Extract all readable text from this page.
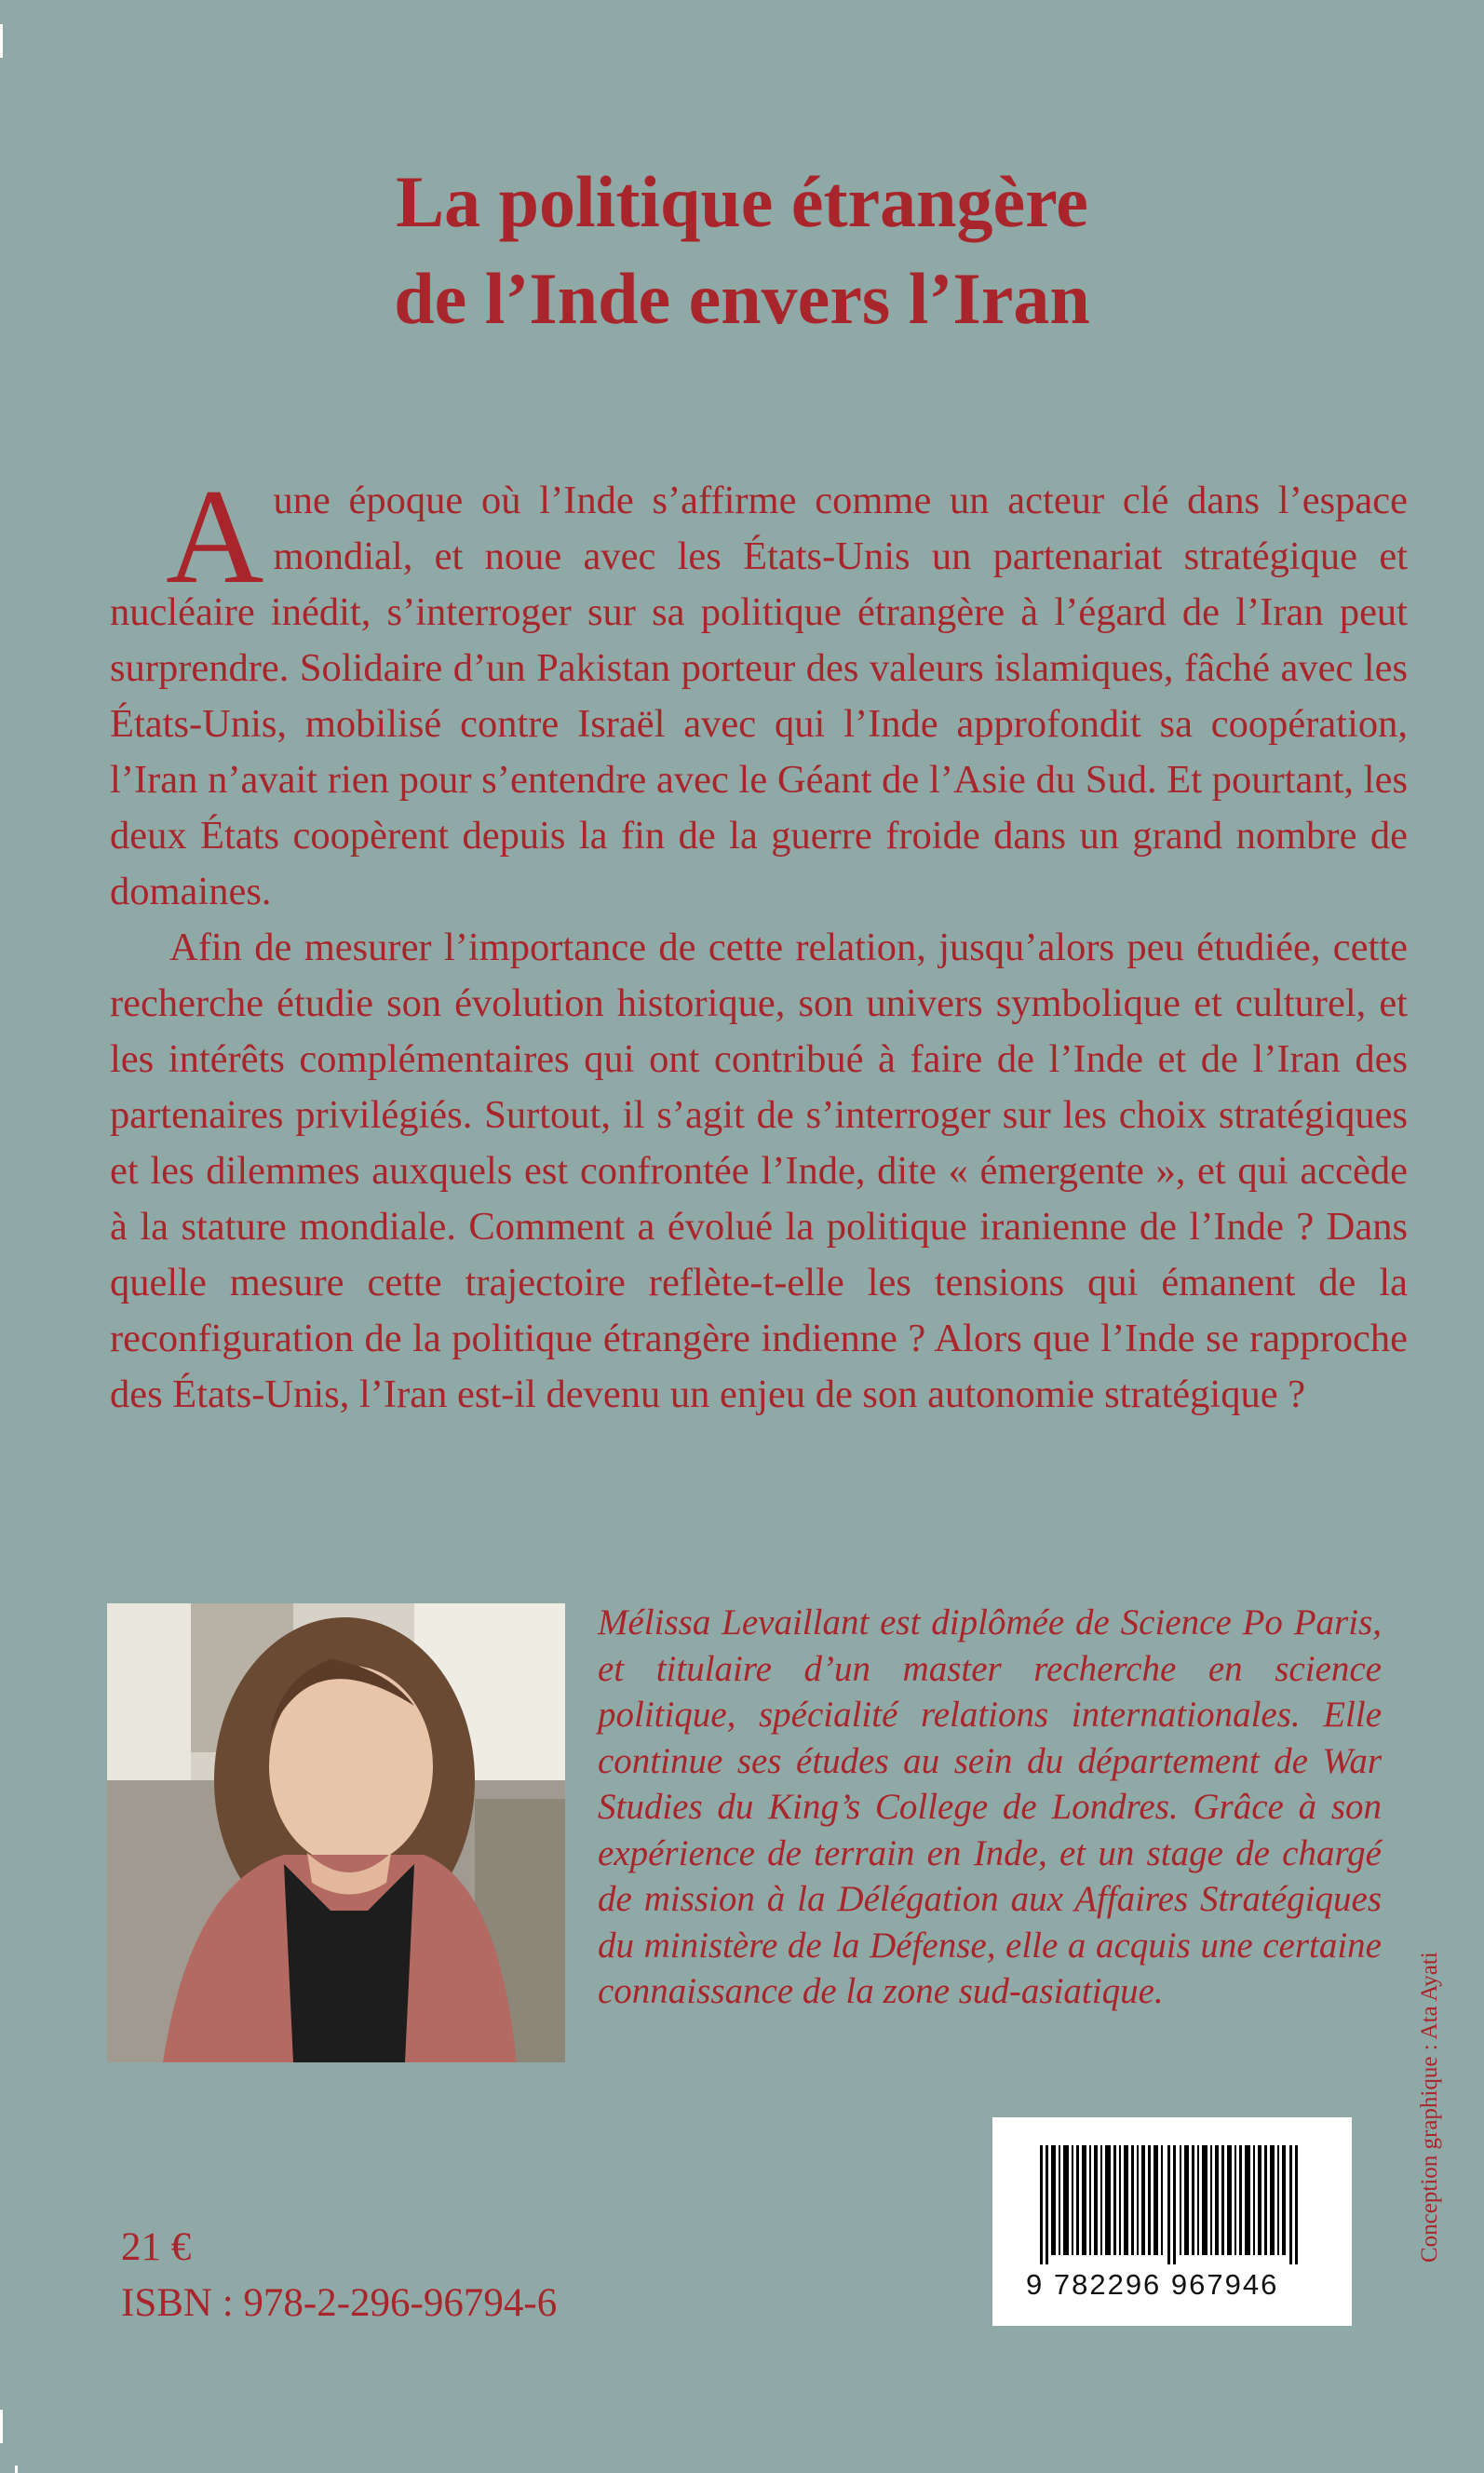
La politique étrangère
de l’Inde envers l’Iran

Aune époque où l’Inde s’affirme comme un acteur clé dans l’espace mondial, et noue avec les États-Unis un partenariat stratégique et nucléaire inédit, s’interroger sur sa politique étrangère à l’égard de l’Iran peut surprendre. Solidaire d’un Pakistan porteur des valeurs islamiques, fâché avec les États-Unis, mobilisé contre Israël avec qui l’Inde approfondit sa coopération, l’Iran n’avait rien pour s’entendre avec le Géant de l’Asie du Sud. Et pourtant, les deux États coopèrent depuis la fin de la guerre froide dans un grand nombre de domaines.

Afin de mesurer l’importance de cette relation, jusqu’alors peu étudiée, cette recherche étudie son évolution historique, son univers symbolique et culturel, et les intérêts complémentaires qui ont contribué à faire de l’Inde et de l’Iran des partenaires privilégiés. Surtout, il s’agit de s’interroger sur les choix stratégiques et les dilemmes auxquels est confrontée l’Inde, dite « émergente », et qui accède à la stature mondiale. Comment a évolué la politique iranienne de l’Inde ? Dans quelle mesure cette trajectoire reflète-t-elle les tensions qui émanent de la reconfiguration de la politique étrangère indienne ? Alors que l’Inde se rapproche des États-Unis, l’Iran est-il devenu un enjeu de son autonomie stratégique ?

Mélissa Levaillant est diplômée de Science Po Paris, et titulaire d’un master recherche en science politique, spécialité relations internationales. Elle continue ses études au sein du département de War Studies du King’s College de Londres. Grâce à son expérience de terrain en Inde, et un stage de chargé de mission à la Délégation aux Affaires Stratégiques du ministère de la Défense, elle a acquis une certaine connaissance de la zone sud-asiatique.

9 782296 967946
21 €
ISBN : 978-2-296-96794-6
Conception graphique : Ata Ayati
